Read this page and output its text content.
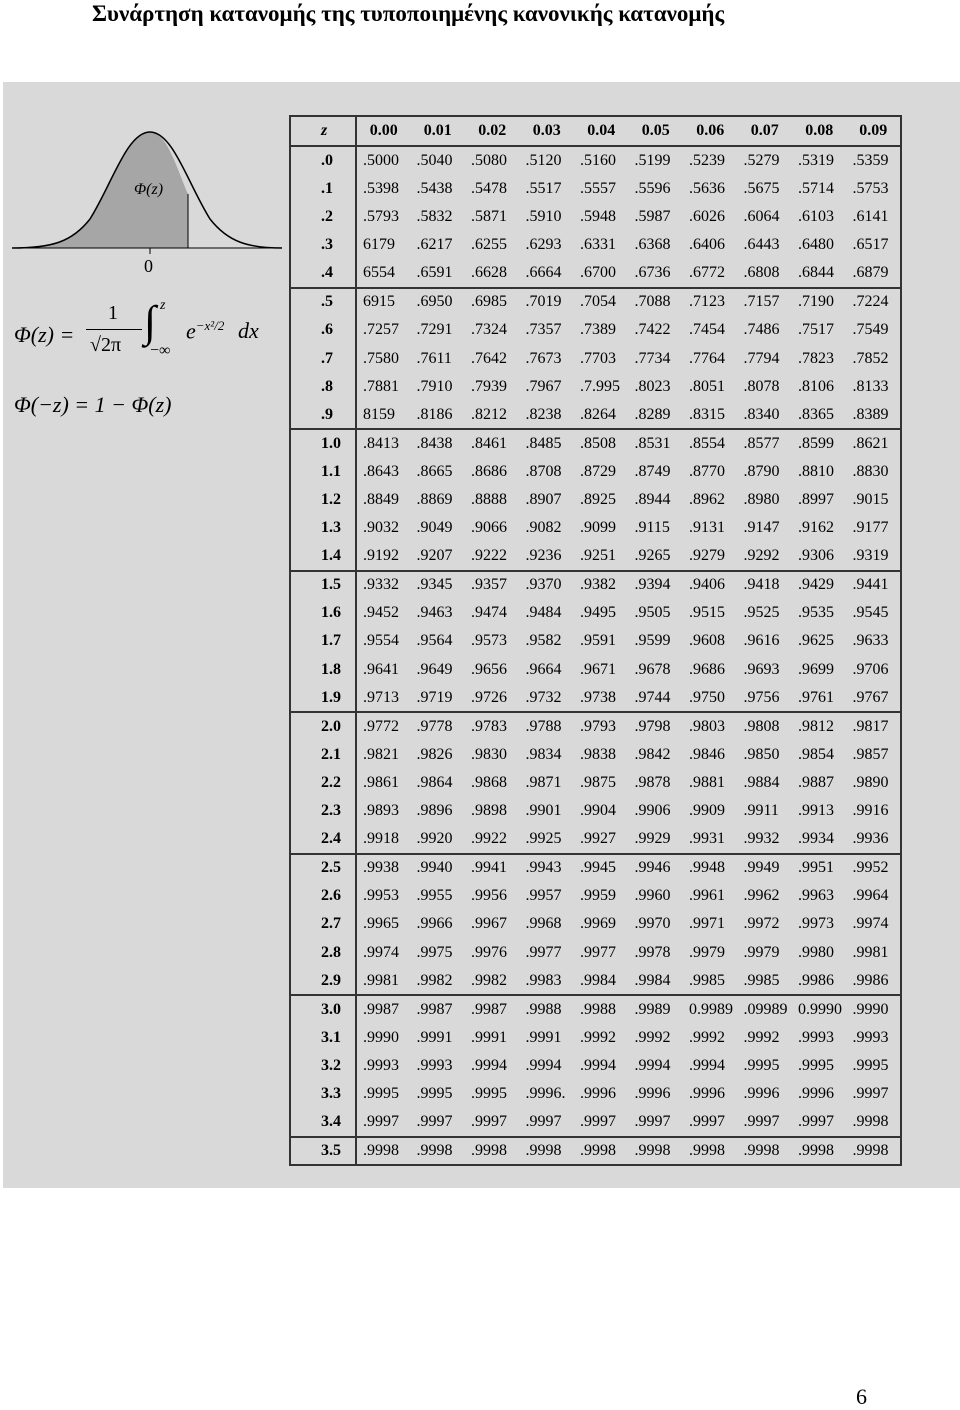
Συνάρτηση κατανομής της τυποποιημένης κανονικής κατανομής
Φ(z)
0
Φ(z) =
1
√2π ∫ z
−∞
$e^{-x^2/2}$ dx
Φ(−z) = 1 − Φ(z)
z	0.00	0.01	0.02	0.03	0.04	0.05	0.06	0.07	0.08	0.09
.0	.5000	.5040	.5080	.5120	.5160	.5199	.5239	.5279	.5319	.5359
.1	.5398	.5438	.5478	.5517	.5557	.5596	.5636	.5675	.5714	.5753
.2	.5793	.5832	.5871	.5910	.5948	.5987	.6026	.6064	.6103	.6141
.3	6179	.6217	.6255	.6293	.6331	.6368	.6406	.6443	.6480	.6517
.4	6554	.6591	.6628	.6664	.6700	.6736	.6772	.6808	.6844	.6879
.5	6915	.6950	.6985	.7019	.7054	.7088	.7123	.7157	.7190	.7224
.6	.7257	.7291	.7324	.7357	.7389	.7422	.7454	.7486	.7517	.7549
.7	.7580	.7611	.7642	.7673	.7703	.7734	.7764	.7794	.7823	.7852
.8	.7881	.7910	.7939	.7967	.7.995	.8023	.8051	.8078	.8106	.8133
.9	8159	.8186	.8212	.8238	.8264	.8289	.8315	.8340	.8365	.8389
1.0	.8413	.8438	.8461	.8485	.8508	.8531	.8554	.8577	.8599	.8621
1.1	.8643	.8665	.8686	.8708	.8729	.8749	.8770	.8790	.8810	.8830
1.2	.8849	.8869	.8888	.8907	.8925	.8944	.8962	.8980	.8997	.9015
1.3	.9032	.9049	.9066	.9082	.9099	.9115	.9131	.9147	.9162	.9177
1.4	.9192	.9207	.9222	.9236	.9251	.9265	.9279	.9292	.9306	.9319
1.5	.9332	.9345	.9357	.9370	.9382	.9394	.9406	.9418	.9429	.9441
1.6	.9452	.9463	.9474	.9484	.9495	.9505	.9515	.9525	.9535	.9545
1.7	.9554	.9564	.9573	.9582	.9591	.9599	.9608	.9616	.9625	.9633
1.8	.9641	.9649	.9656	.9664	.9671	.9678	.9686	.9693	.9699	.9706
1.9	.9713	.9719	.9726	.9732	.9738	.9744	.9750	.9756	.9761	.9767
2.0	.9772	.9778	.9783	.9788	.9793	.9798	.9803	.9808	.9812	.9817
2.1	.9821	.9826	.9830	.9834	.9838	.9842	.9846	.9850	.9854	.9857
2.2	.9861	.9864	.9868	.9871	.9875	.9878	.9881	.9884	.9887	.9890
2.3	.9893	.9896	.9898	.9901	.9904	.9906	.9909	.9911	.9913	.9916
2.4	.9918	.9920	.9922	.9925	.9927	.9929	.9931	.9932	.9934	.9936
2.5	.9938	.9940	.9941	.9943	.9945	.9946	.9948	.9949	.9951	.9952
2.6	.9953	.9955	.9956	.9957	.9959	.9960	.9961	.9962	.9963	.9964
2.7	.9965	.9966	.9967	.9968	.9969	.9970	.9971	.9972	.9973	.9974
2.8	.9974	.9975	.9976	.9977	.9977	.9978	.9979	.9979	.9980	.9981
2.9	.9981	.9982	.9982	.9983	.9984	.9984	.9985	.9985	.9986	.9986
3.0	.9987	.9987	.9987	.9988	.9988	.9989	0.9989	.09989	0.9990	.9990
3.1	.9990	.9991	.9991	.9991	.9992	.9992	.9992	.9992	.9993	.9993
3.2	.9993	.9993	.9994	.9994	.9994	.9994	.9994	.9995	.9995	.9995
3.3	.9995	.9995	.9995	.9996.	.9996	.9996	.9996	.9996	.9996	.9997
3.4	.9997	.9997	.9997	.9997	.9997	.9997	.9997	.9997	.9997	.9998
3.5	.9998	.9998	.9998	.9998	.9998	.9998	.9998	.9998	.9998	.9998
6
